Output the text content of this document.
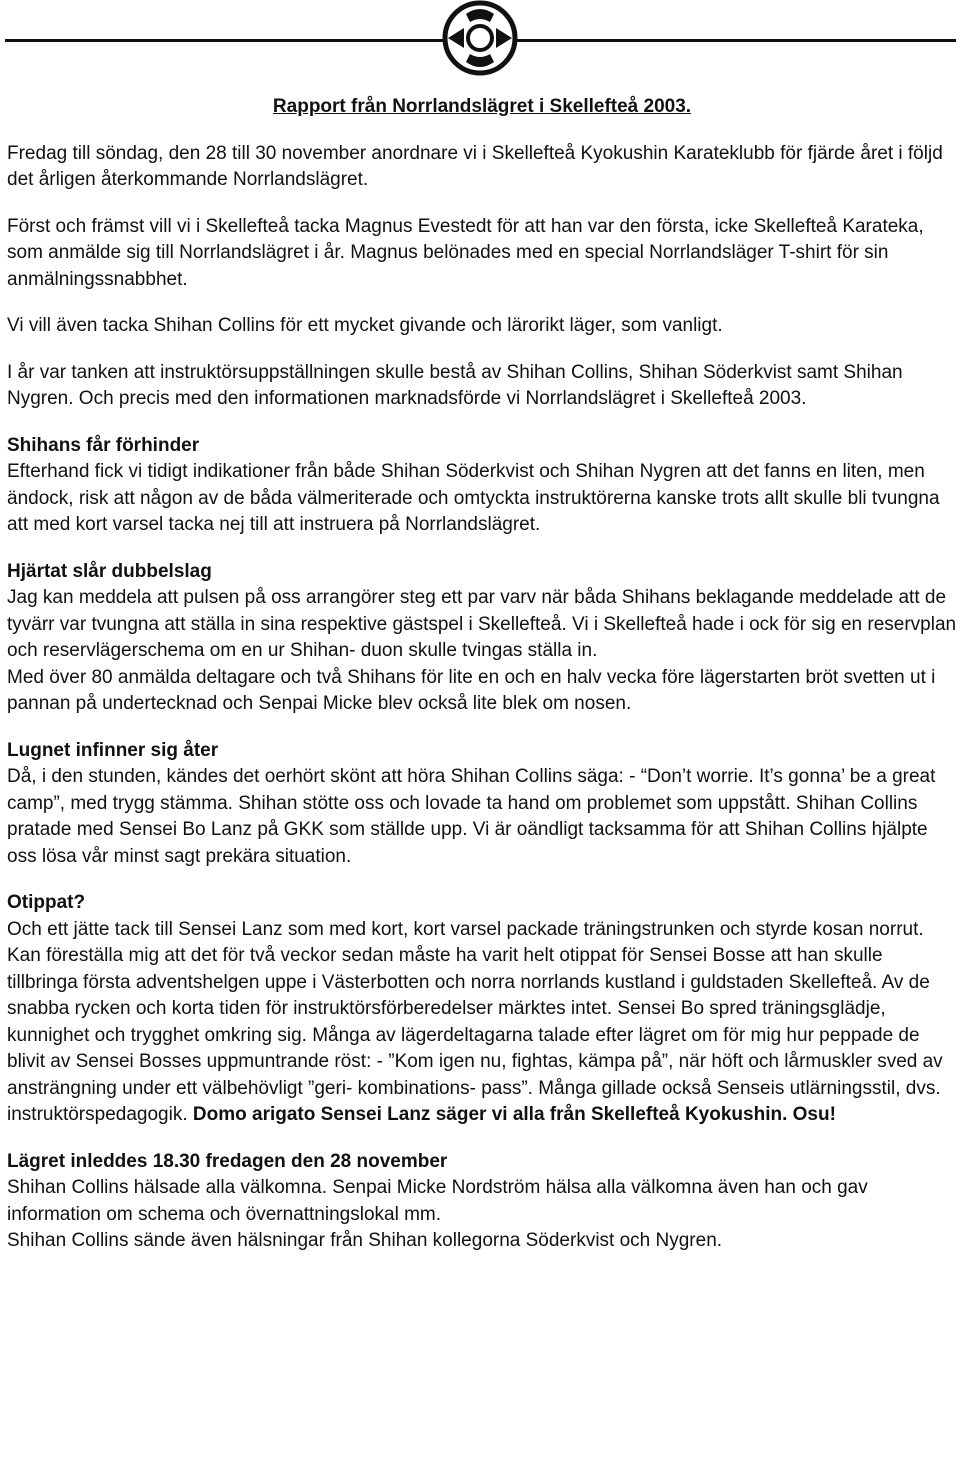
Rapport från Norrlandslägret i Skellefteå 2003.

Fredag till söndag, den 28 till 30 november anordnare vi i Skellefteå Kyokushin Karateklubb för fjärde året i följd det årligen återkommande Norrlandslägret.

Först och främst vill vi i Skellefteå tacka Magnus Evestedt för att han var den första, icke Skellefteå Karateka, som anmälde sig till Norrlandslägret i år. Magnus belönades med en special Norrlandsläger T-shirt för sin anmälningssnabbhet.

Vi vill även tacka Shihan Collins för ett mycket givande och lärorikt läger, som vanligt.

I år var tanken att instruktörsuppställningen skulle bestå av Shihan Collins, Shihan Söderkvist samt Shihan Nygren. Och precis med den informationen marknadsförde vi Norrlandslägret i Skellefteå 2003.

Shihans får förhinder
Efterhand fick vi tidigt indikationer från både Shihan Söderkvist och Shihan Nygren att det fanns en liten, men ändock, risk att någon av de båda välmeriterade och omtyckta instruktörerna kanske trots allt skulle bli tvungna att med kort varsel tacka nej till att instruera på Norrlandslägret.
Hjärtat slår dubbelslag
Jag kan meddela att pulsen på oss arrangörer steg ett par varv när båda Shihans beklagande meddelade att de tyvärr var tvungna att ställa in sina respektive gästspel i Skellefteå. Vi i Skellefteå hade i ock för sig en reservplan och reservlägerschema om en ur Shihan- duon skulle tvingas ställa in.
Med över 80 anmälda deltagare och två Shihans för lite en och en halv vecka före lägerstarten bröt svetten ut i pannan på undertecknad och Senpai Micke blev också lite blek om nosen.
Lugnet infinner sig åter
Då, i den stunden, kändes det oerhört skönt att höra Shihan Collins säga: - “Don’t worrie. It’s gonna’ be a great camp”, med trygg stämma. Shihan stötte oss och lovade ta hand om problemet som uppstått. Shihan Collins pratade med Sensei Bo Lanz på GKK som ställde upp. Vi är oändligt tacksamma för att Shihan Collins hjälpte oss lösa vår minst sagt prekära situation.
Otippat?
Och ett jätte tack till Sensei Lanz som med kort, kort varsel packade träningstrunken och styrde kosan norrut. Kan föreställa mig att det för två veckor sedan måste ha varit helt otippat för Sensei Bosse att han skulle tillbringa första adventshelgen uppe i Västerbotten och norra norrlands kustland i guldstaden Skellefteå. Av de snabba rycken och korta tiden för instruktörsförberedelser märktes intet. Sensei Bo spred träningsglädje, kunnighet och trygghet omkring sig. Många av lägerdeltagarna talade efter lägret om för mig hur peppade de blivit av Sensei Bosses uppmuntrande röst: - ”Kom igen nu, fightas, kämpa på”, när höft och lårmuskler sved av ansträngning under ett välbehövligt ”geri- kombinations- pass”. Många gillade också Senseis utlärningsstil, dvs. instruktörspedagogik. Domo arigato Sensei Lanz säger vi alla från Skellefteå Kyokushin. Osu!
Lägret inleddes 18.30 fredagen den 28 november
Shihan Collins hälsade alla välkomna. Senpai Micke Nordström hälsa alla välkomna även han och gav information om schema och övernattningslokal mm.
Shihan Collins sände även hälsningar från Shihan kollegorna Söderkvist och Nygren.
